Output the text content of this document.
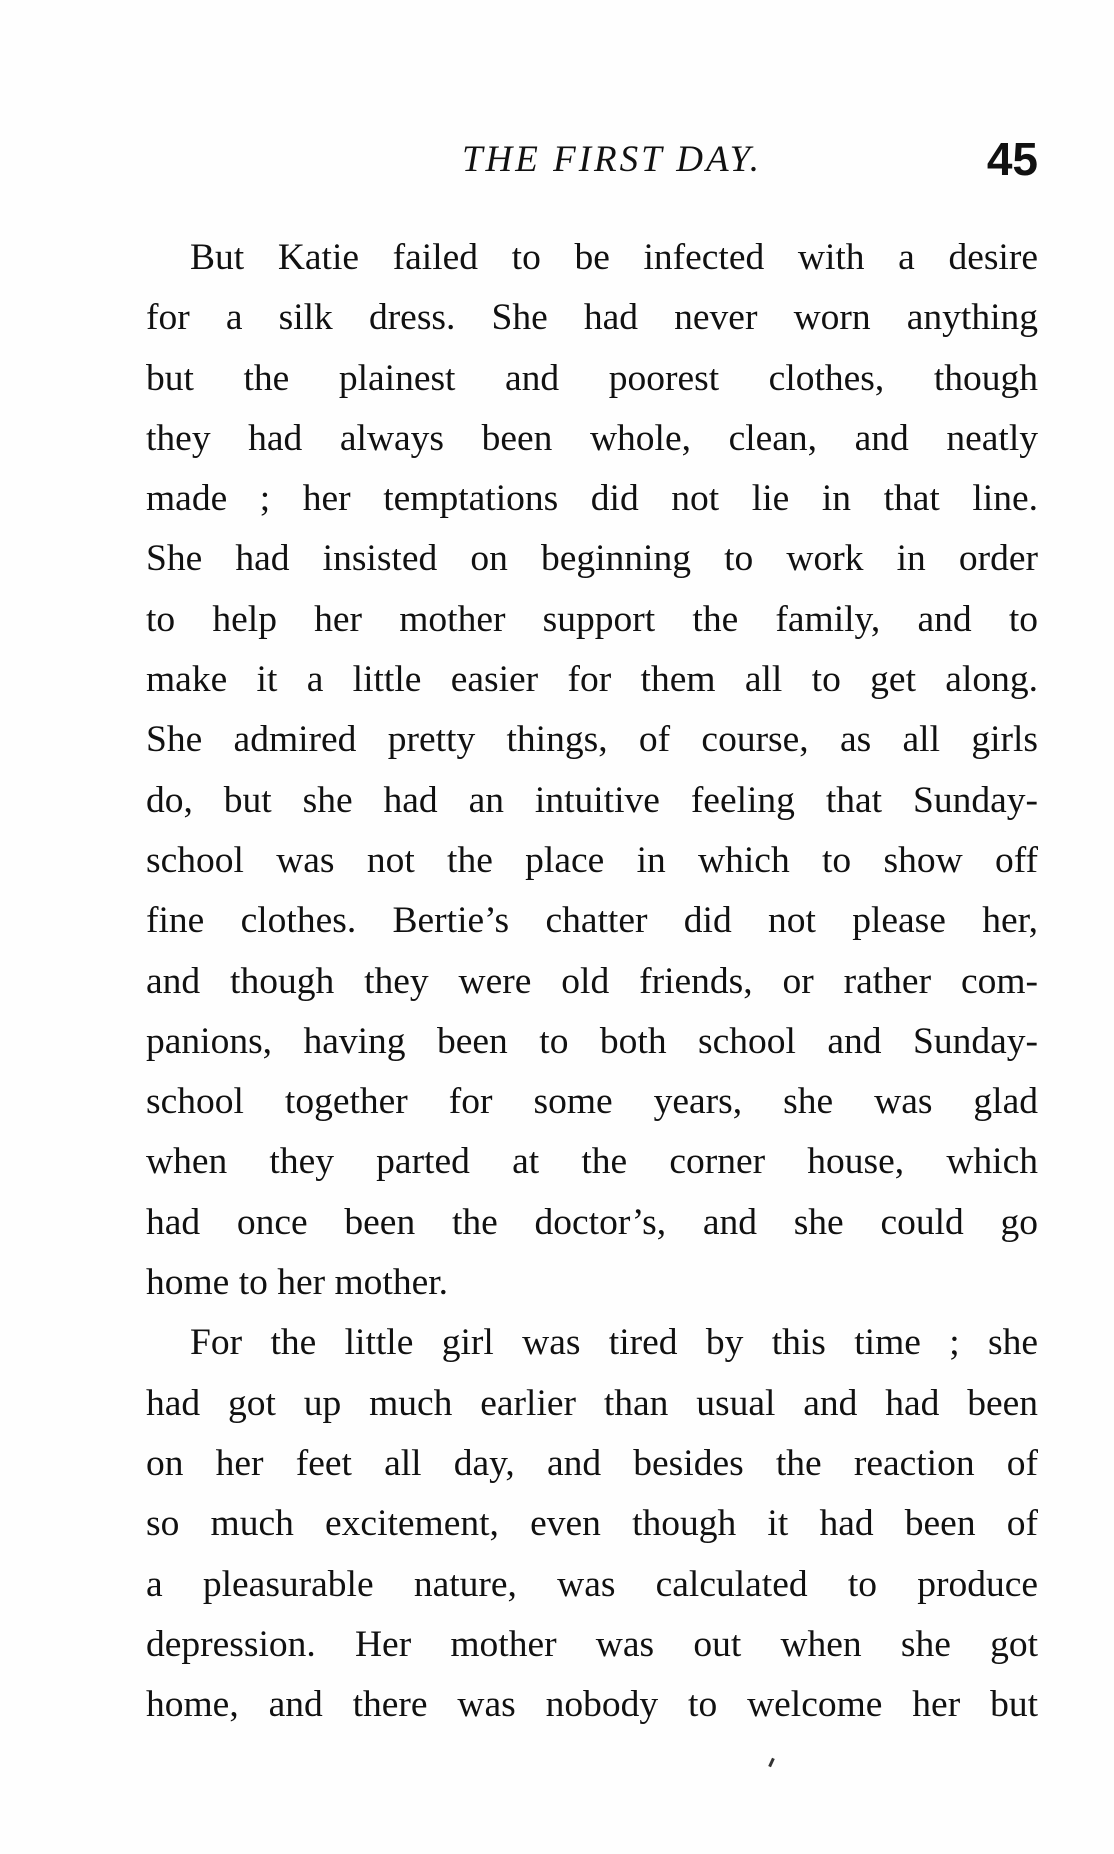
THE FIRST DAY.	45
But Katie failed to be infected with a desire
for a silk dress. She had never worn anything
but the plainest and poorest clothes, though
they had always been whole, clean, and neatly
made ; her temptations did not lie in that line.
She had insisted on beginning to work in order
to help her mother support the family, and to
make it a little easier for them all to get along.
She admired pretty things, of course, as all girls
do, but she had an intuitive feeling that Sunday-
school was not the place in which to show off
fine clothes. Bertie’s chatter did not please her,
and though they were old friends, or rather com-
panions, having been to both school and Sunday-
school together for some years, she was glad
when they parted at the corner house, which
had once been the doctor’s, and she could go
home to her mother.
For the little girl was tired by this time ; she
had got up much earlier than usual and had been
on her feet all day, and besides the reaction of
so much excitement, even though it had been of
a pleasurable nature, was calculated to produce
depression. Her mother was out when she got
home, and there was nobody to welcome her but
